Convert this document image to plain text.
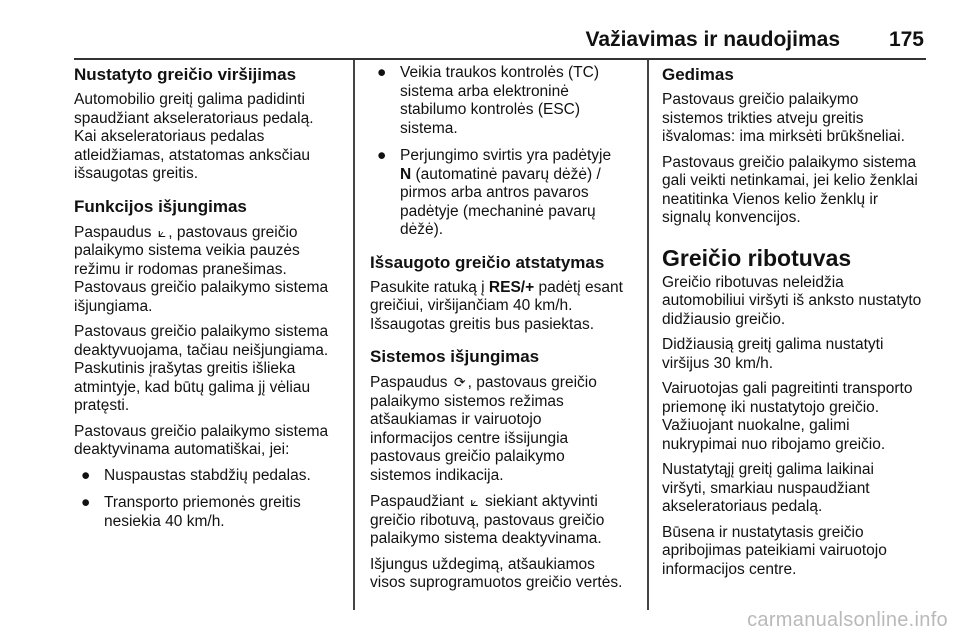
Važiavimas ir naudojimas 175
Nustatyto greičio viršijimas
Automobilio greitį galima padidinti
spaudžiant akseleratoriaus pedalą.
Kai akseleratoriaus pedalas
atleidžiamas, atstatomas anksčiau
išsaugotas greitis.
Funkcijos išjungimas
Paspaudus ⟀ , pastovaus greičio
palaikymo sistema veikia pauzės
režimu ir rodomas pranešimas.
Pastovaus greičio palaikymo sistema
išjungiama.
Pastovaus greičio palaikymo sistema
deaktyvuojama, tačiau neišjungiama.
Paskutinis įrašytas greitis išlieka
atmintyje, kad būtų galima jį vėliau
pratęsti.
Pastovaus greičio palaikymo sistema
deaktyvinama automatiškai, jei:
● Nuspaustas stabdžių pedalas.
● Transporto priemonės greitis
nesiekia 40 km/h.
● Veikia traukos kontrolės (TC)
sistema arba elektroninė
stabilumo kontrolės (ESC)
sistema.
● Perjungimo svirtis yra padėtyje
N (automatinė pavarų dėžė) /
pirmos arba antros pavaros
padėtyje (mechaninė pavarų
dėžė).
Išsaugoto greičio atstatymas
Pasukite ratuką į RES/+ padėtį esant
greičiui, viršijančiam 40 km/h.
Išsaugotas greitis bus pasiektas.
Sistemos išjungimas
Paspaudus ⟳ , pastovaus greičio
palaikymo sistemos režimas
atšaukiamas ir vairuotojo
informacijos centre išsijungia
pastovaus greičio palaikymo
sistemos indikacija.
Paspaudžiant ⟀ siekiant aktyvinti
greičio ribotuvą, pastovaus greičio
palaikymo sistema deaktyvinama.
Išjungus uždegimą, atšaukiamos
visos suprogramuotos greičio vertės.
Gedimas
Pastovaus greičio palaikymo
sistemos trikties atveju greitis
išvalomas: ima mirksėti brūkšneliai.
Pastovaus greičio palaikymo sistema
gali veikti netinkamai, jei kelio ženklai
neatitinka Vienos kelio ženklų ir
signalų konvencijos.
Greičio ribotuvas
Greičio ribotuvas neleidžia
automobiliui viršyti iš anksto nustatyto
didžiausio greičio.
Didžiausią greitį galima nustatyti
viršijus 30 km/h.
Vairuotojas gali pagreitinti transporto
priemonę iki nustatytojo greičio.
Važiuojant nuokalne, galimi
nukrypimai nuo ribojamo greičio.
Nustatytąjį greitį galima laikinai
viršyti, smarkiau nuspaudžiant
akseleratoriaus pedalą.
Būsena ir nustatytasis greičio
apribojimas pateikiami vairuotojo
informacijos centre.
carmanualsonline.info
